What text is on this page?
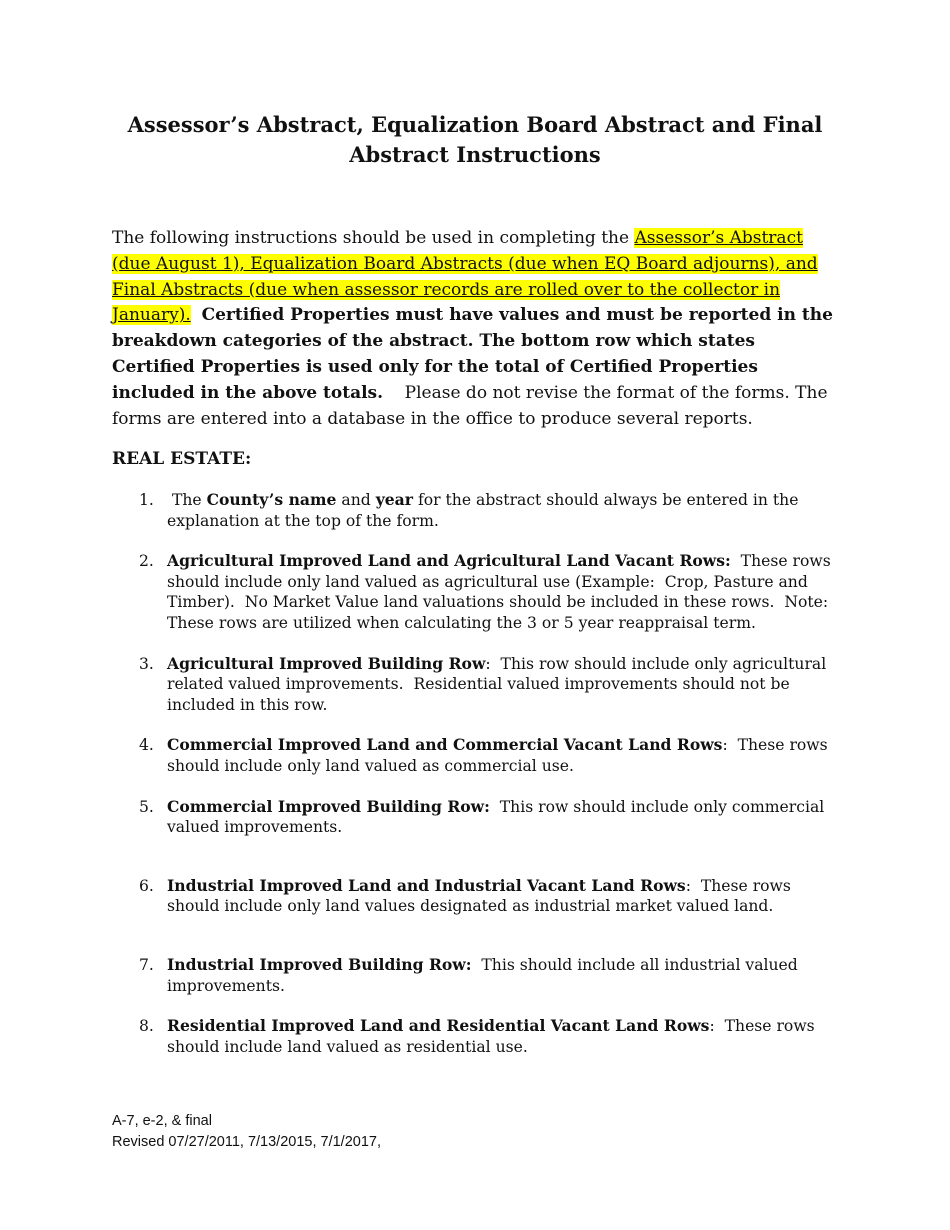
Assessor’s Abstract, Equalization Board Abstract and Final
Abstract Instructions
The following instructions should be used in completing the Assessor’s Abstract (due August 1), Equalization Board Abstracts (due when EQ Board adjourns), and Final Abstracts (due when assessor records are rolled over to the collector in January). Certified Properties must have values and must be reported in the breakdown categories of the abstract. The bottom row which states Certified Properties is used only for the total of Certified Properties included in the above totals. Please do not revise the format of the forms. The forms are entered into a database in the office to produce several reports.
REAL ESTATE:
1. The County’s name and year for the abstract should always be entered in the explanation at the top of the form.
2. Agricultural Improved Land and Agricultural Land Vacant Rows:  These rows should include only land valued as agricultural use (Example:  Crop, Pasture and Timber).  No Market Value land valuations should be included in these rows.  Note:  These rows are utilized when calculating the 3 or 5 year reappraisal term.
3. Agricultural Improved Building Row:  This row should include only agricultural related valued improvements.  Residential valued improvements should not be included in this row.
4. Commercial Improved Land and Commercial Vacant Land Rows:  These rows should include only land valued as commercial use.
5. Commercial Improved Building Row:  This row should include only commercial valued improvements.
6. Industrial Improved Land and Industrial Vacant Land Rows:  These rows should include only land values designated as industrial market valued land.
7. Industrial Improved Building Row:  This should include all industrial valued improvements.
8. Residential Improved Land and Residential Vacant Land Rows:  These rows should include land valued as residential use.
A-7, e-2, & final
Revised 07/27/2011, 7/13/2015, 7/1/2017,
